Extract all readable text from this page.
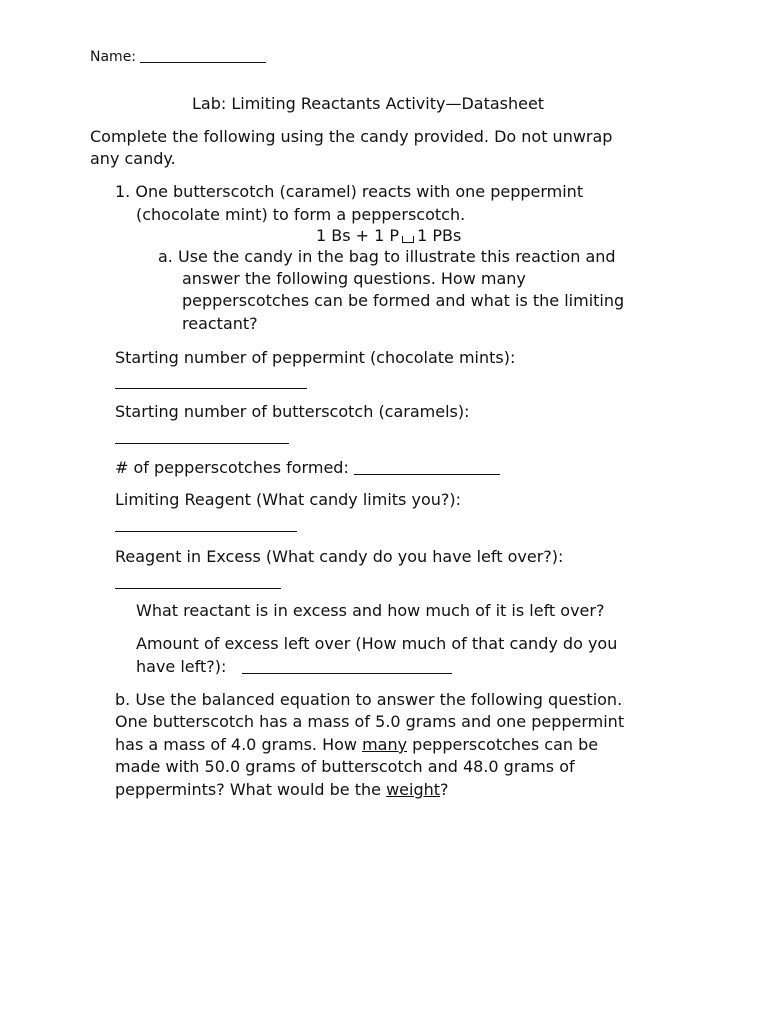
Name:
Lab: Limiting Reactants Activity—Datasheet
Complete the following using the candy provided. Do not unwrap
any candy.
1. One butterscotch (caramel) reacts with one peppermint
(chocolate mint) to form a pepperscotch.
1 Bs + 1 P 1 PBs
a. Use the candy in the bag to illustrate this reaction and
answer the following questions. How many
pepperscotches can be formed and what is the limiting
reactant?
Starting number of peppermint (chocolate mints):
Starting number of butterscotch (caramels):
# of pepperscotches formed:
Limiting Reagent (What candy limits you?):
Reagent in Excess (What candy do you have left over?):
What reactant is in excess and how much of it is left over?
Amount of excess left over (How much of that candy do you
have left?):
b. Use the balanced equation to answer the following question.
One butterscotch has a mass of 5.0 grams and one peppermint
has a mass of 4.0 grams. How many pepperscotches can be
made with 50.0 grams of butterscotch and 48.0 grams of
peppermints? What would be the weight?
